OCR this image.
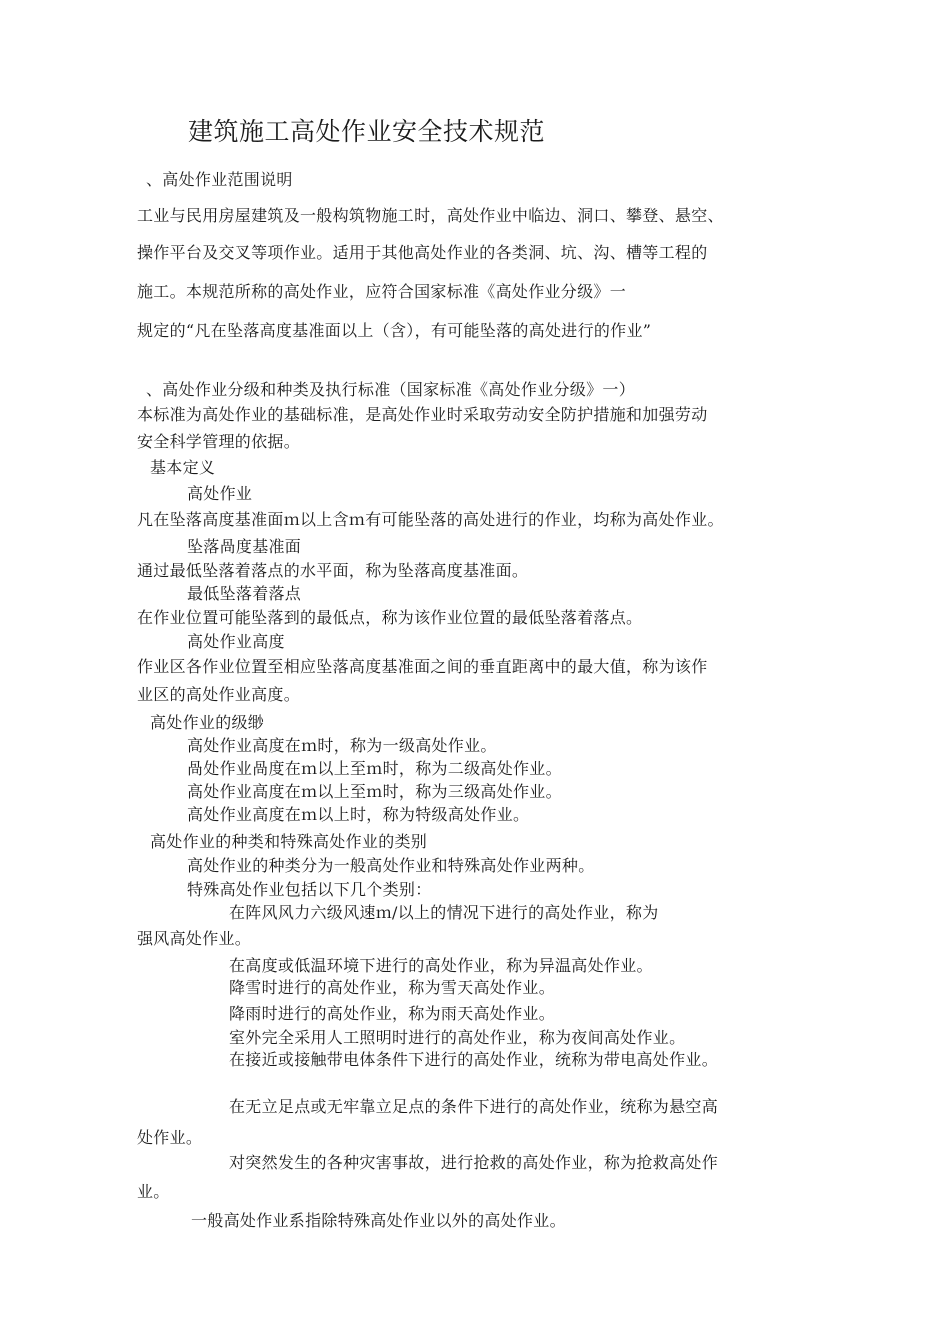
建筑施工高处作业安全技术规范
、高处作业范围说明
工业与民用房屋建筑及一般构筑物施工时，高处作业中临边、洞口、攀登、悬空、
操作平台及交叉等项作业。适用于其他高处作业的各类洞、坑、沟、槽等工程的
施工。本规范所称的高处作业，应符合国家标准《高处作业分级》一
规定的“凡在坠落高度基准面以上（含），有可能坠落的高处进行的作业”
、高处作业分级和种类及执行标准（国家标准《高处作业分级》一）
本标准为高处作业的基础标准，是高处作业时采取劳动安全防护措施和加强劳动
安全科学管理的依据。
基本定义
高处作业
凡在坠落高度基准面ｍ以上含ｍ有可能坠落的高处进行的作业，均称为高处作业。
坠落咼度基准面
通过最低坠落着落点的水平面，称为坠落高度基准面。
最低坠落着落点
在作业位置可能坠落到的最低点，称为该作业位置的最低坠落着落点。
高处作业高度
作业区各作业位置至相应坠落高度基准面之间的垂直距离中的最大值，称为该作
业区的高处作业高度。
高处作业的级缈
高处作业高度在ｍ时，称为一级高处作业。
咼处作业咼度在ｍ以上至ｍ时，称为二级高处作业。
高处作业高度在ｍ以上至ｍ时，称为三级高处作业。
高处作业高度在ｍ以上时，称为特级高处作业。
高处作业的种类和特殊高处作业的类别
高处作业的种类分为一般高处作业和特殊高处作业两种。
特殊高处作业包括以下几个类别：
在阵风风力六级风速ｍ/以上的情况下进行的高处作业，称为
强风高处作业。
在高度或低温环境下进行的高处作业，称为异温高处作业。
降雪时进行的高处作业，称为雪天高处作业。
降雨时进行的高处作业，称为雨天高处作业。
室外完全采用人工照明时进行的高处作业，称为夜间高处作业。
在接近或接触带电体条件下进行的高处作业，统称为带电高处作业。
在无立足点或无牢靠立足点的条件下进行的高处作业，统称为悬空高
处作业。
对突然发生的各种灾害事故，进行抢救的高处作业，称为抢救高处作
业。
一般高处作业系指除特殊高处作业以外的高处作业。
